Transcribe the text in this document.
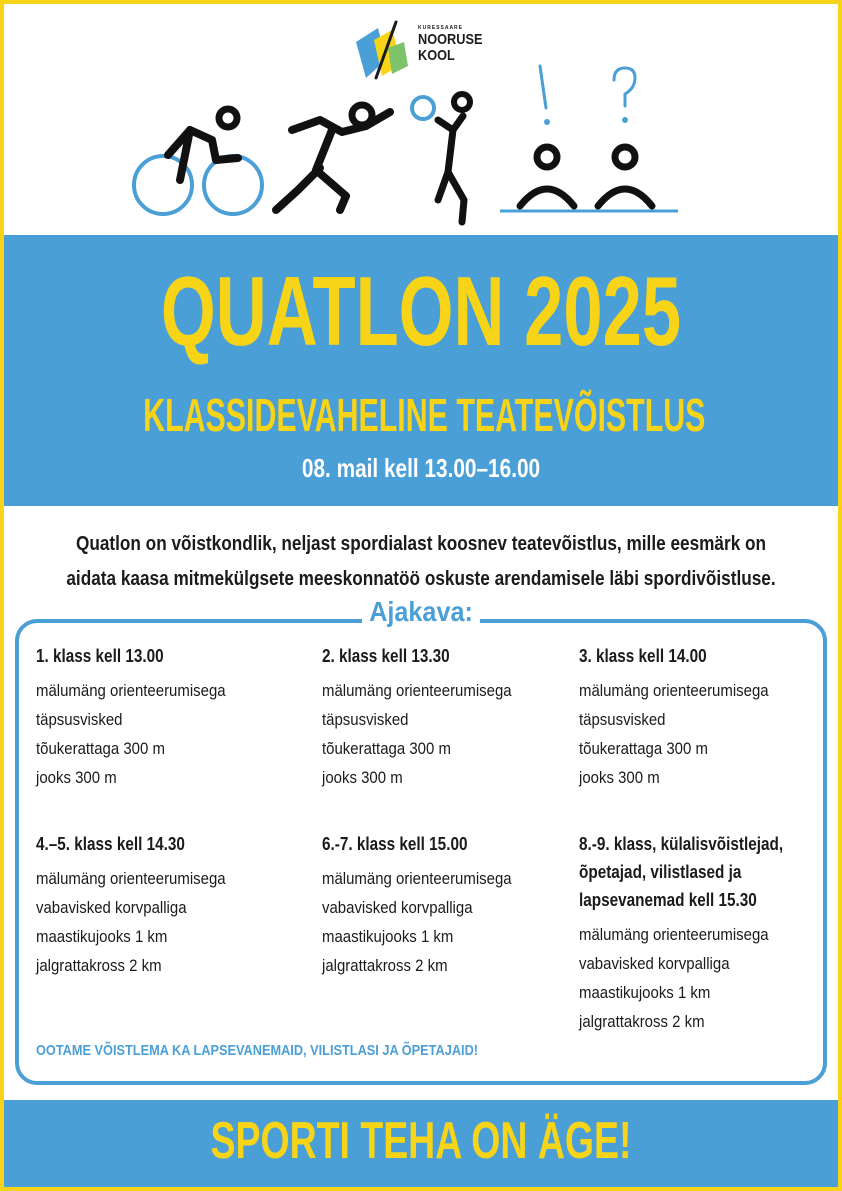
KURESSAARE
NOORUSE
KOOL
QUATLON 2025
KLASSIDEVAHELINE TEATEVÕISTLUS
08. mail kell 13.00–16.00
Quatlon on võistkondlik, neljast spordialast koosnev teatevõistlus, mille eesmärk on
aidata kaasa mitmekülgsete meeskonnatöö oskuste arendamisele läbi spordivõistluse.
Ajakava:
1. klass kell 13.00
mälumäng orienteerumisega
täpsusvisked
tõukerattaga 300 m
jooks 300 m
2. klass kell 13.30
mälumäng orienteerumisega
täpsusvisked
tõukerattaga 300 m
jooks 300 m
3. klass kell 14.00
mälumäng orienteerumisega
täpsusvisked
tõukerattaga 300 m
jooks 300 m
4.–5. klass kell 14.30
mälumäng orienteerumisega
vabavisked korvpalliga
maastikujooks 1 km
jalgrattakross 2 km
6.-7. klass kell 15.00
mälumäng orienteerumisega
vabavisked korvpalliga
maastikujooks 1 km
jalgrattakross 2 km
8.-9. klass, külalisvõistlejad,
õpetajad, vilistlased ja
lapsevanemad kell 15.30
mälumäng orienteerumisega
vabavisked korvpalliga
maastikujooks 1 km
jalgrattakross 2 km
OOTAME VÕISTLEMA KA LAPSEVANEMAID, VILISTLASI JA ÕPETAJAID!
SPORTI TEHA ON ÄGE!
